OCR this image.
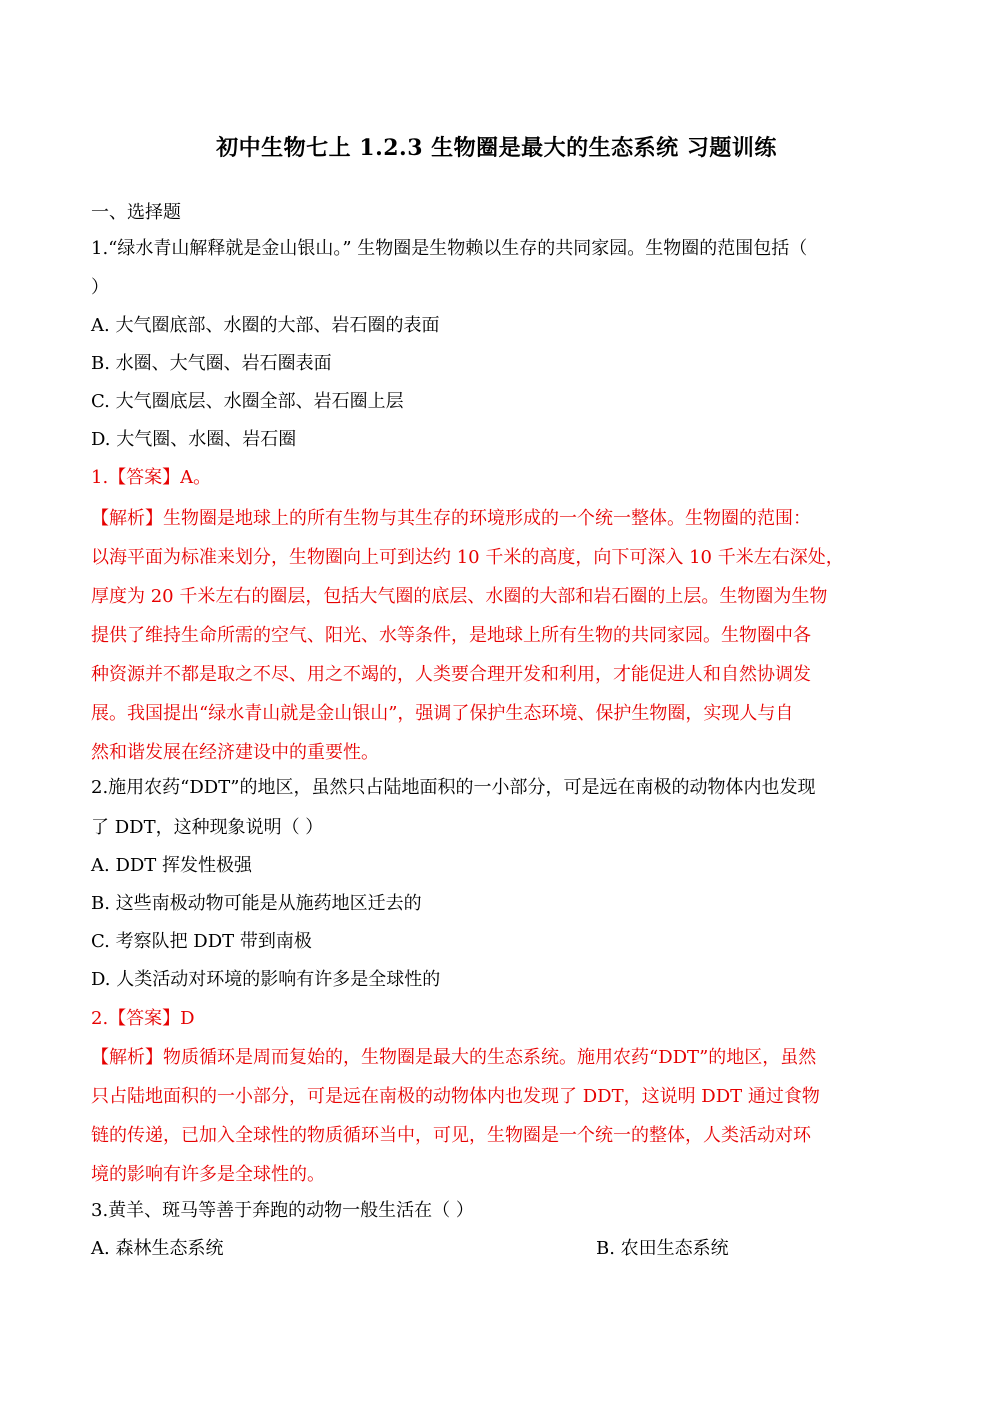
初中生物七上 1.2.3 生物圈是最大的生态系统 习题训练
一、选择题
1.“绿水青山解释就是金山银山。” 生物圈是生物赖以生存的共同家园。生物圈的范围包括（
）
A. 大气圈底部、水圈的大部、岩石圈的表面
B. 水圈、大气圈、岩石圈表面
C. 大气圈底层、水圈全部、岩石圈上层
D. 大气圈、水圈、岩石圈
1.【答案】A。
【解析】生物圈是地球上的所有生物与其生存的环境形成的一个统一整体。生物圈的范围：
以海平面为标准来划分，生物圈向上可到达约 10 千米的高度，向下可深入 10 千米左右深处，
厚度为 20 千米左右的圈层，包括大气圈的底层、水圈的大部和岩石圈的上层。生物圈为生物
提供了维持生命所需的空气、阳光、水等条件，是地球上所有生物的共同家园。生物圈中各
种资源并不都是取之不尽、用之不竭的，人类要合理开发和利用，才能促进人和自然协调发
展。我国提出“绿水青山就是金山银山”，强调了保护生态环境、保护生物圈，实现人与自
然和谐发展在经济建设中的重要性。
2.施用农药“DDT”的地区，虽然只占陆地面积的一小部分，可是远在南极的动物体内也发现
了 DDT，这种现象说明（ ）
A. DDT 挥发性极强
B. 这些南极动物可能是从施药地区迁去的
C. 考察队把 DDT 带到南极
D. 人类活动对环境的影响有许多是全球性的
2.【答案】D
【解析】物质循环是周而复始的，生物圈是最大的生态系统。施用农药“DDT”的地区，虽然
只占陆地面积的一小部分，可是远在南极的动物体内也发现了 DDT，这说明 DDT 通过食物
链的传递，已加入全球性的物质循环当中，可见，生物圈是一个统一的整体，人类活动对环
境的影响有许多是全球性的。
3.黄羊、斑马等善于奔跑的动物一般生活在（ ）
A. 森林生态系统	B. 农田生态系统
